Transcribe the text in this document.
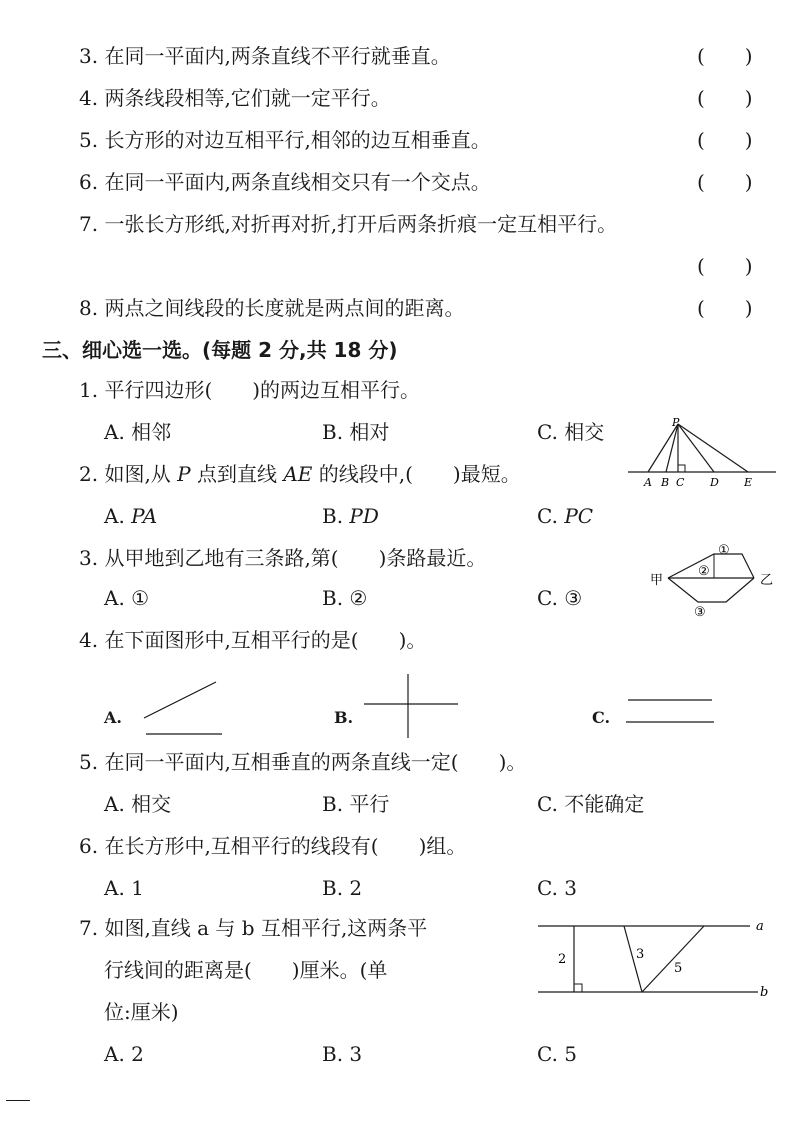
3. 在同一平面内,两条直线不平行就垂直。	(　　)
4. 两条线段相等,它们就一定平行。	(　　)
5. 长方形的对边互相平行,相邻的边互相垂直。	(　　)
6. 在同一平面内,两条直线相交只有一个交点。	(　　)
7. 一张长方形纸,对折再对折,打开后两条折痕一定互相平行。
(　　)
8. 两点之间线段的长度就是两点间的距离。	(　　)
三、细心选一选。(每题 2 分,共 18 分)
1. 平行四边形(　　)的两边互相平行。
A. 相邻	B. 相对	C. 相交
2. 如图,从 P 点到直线 AE 的线段中,(　　)最短。
A. PA	B. PD	C. PC
P
A B C D E
3. 从甲地到乙地有三条路,第(　　)条路最近。
A. ①	B. ②	C. ③
甲	乙
①
②
③
4. 在下面图形中,互相平行的是(　　)。
A.	B.	C.
5. 在同一平面内,互相垂直的两条直线一定(　　)。
A. 相交	B. 平行	C. 不能确定
6. 在长方形中,互相平行的线段有(　　)组。
A. 1	B. 2	C. 3
7. 如图,直线 a 与 b 互相平行,这两条平
行线间的距离是(　　)厘米。(单
位:厘米)
A. 2	B. 3	C. 5
2	3
5
a
b
